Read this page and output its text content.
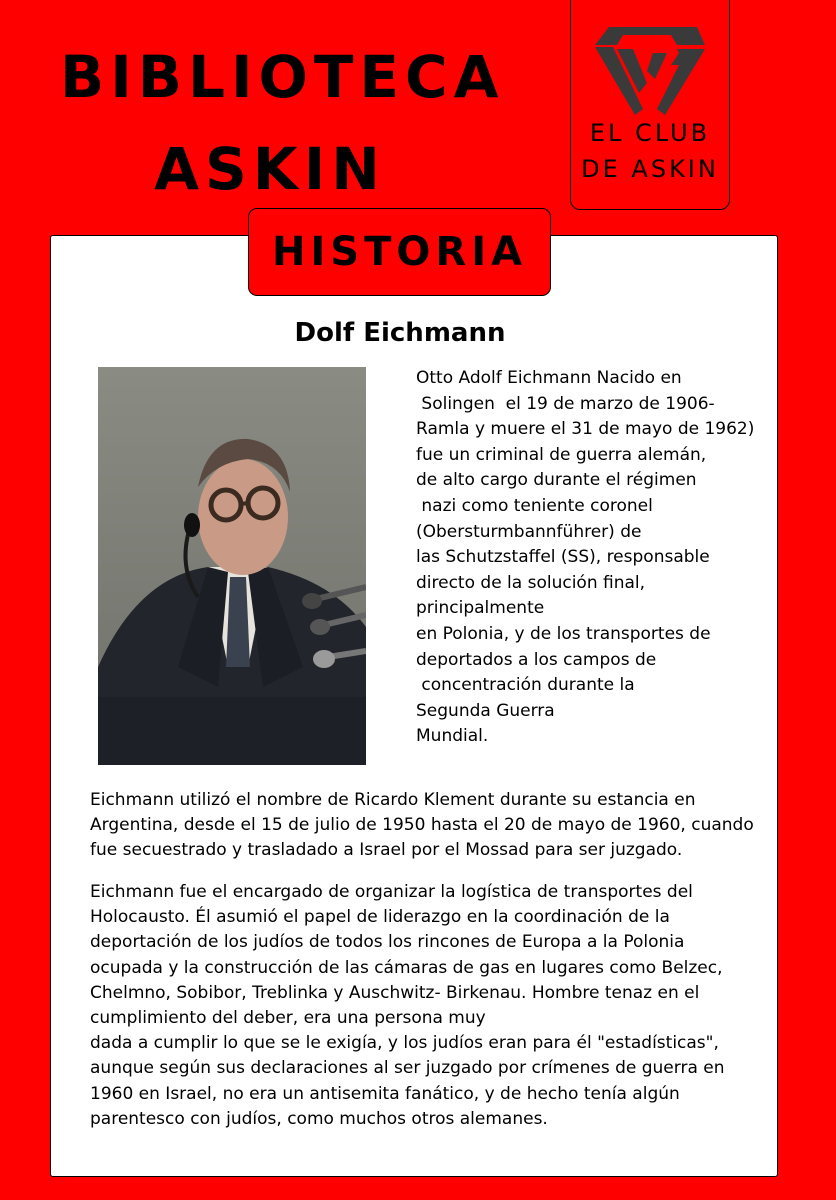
BIBLIOTECA
ASKIN
EL CLUB
DE ASKIN
HISTORIA
Dolf Eichmann
Otto Adolf Eichmann Nacido en
Solingen  el 19 de marzo de 1906-
Ramla y muere el 31 de mayo de 1962)
fue un criminal de guerra alemán,
de alto cargo durante el régimen
nazi como teniente coronel
(Obersturmbannführer) de
las Schutzstaffel (SS), responsable
directo de la solución final,
principalmente
en Polonia, y de los transportes de
deportados a los campos de
concentración durante la
Segunda Guerra
Mundial.
Eichmann utilizó el nombre de Ricardo Klement durante su estancia en
Argentina, desde el 15 de julio de 1950 hasta el 20 de mayo de 1960, cuando
fue secuestrado y trasladado a Israel por el Mossad para ser juzgado.
Eichmann fue el encargado de organizar la logística de transportes del
Holocausto. Él asumió el papel de liderazgo en la coordinación de la
deportación de los judíos de todos los rincones de Europa a la Polonia
ocupada y la construcción de las cámaras de gas en lugares como Belzec,
Chelmno, Sobibor, Treblinka y Auschwitz- Birkenau. Hombre tenaz en el
cumplimiento del deber, era una persona muy
dada a cumplir lo que se le exigía, y los judíos eran para él "estadísticas",
aunque según sus declaraciones al ser juzgado por crímenes de guerra en
1960 en Israel, no era un antisemita fanático, y de hecho tenía algún
parentesco con judíos, como muchos otros alemanes.
